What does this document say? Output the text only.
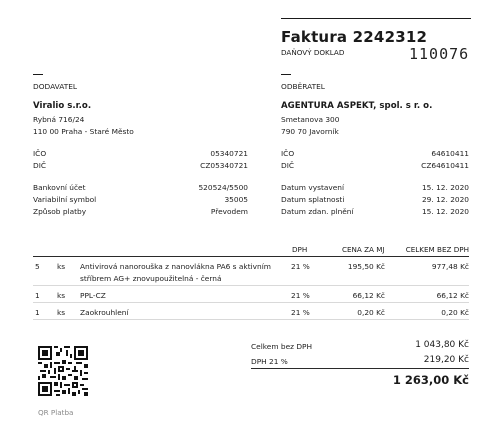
Faktura 2242312
DAŇOVÝ DOKLAD	110076
DODAVATEL	ODBĚRATEL
Viralio s.r.o.
Rybná 716/24
110 00 Praha - Staré Město
IČO	05340721
DIČ	CZ05340721
Bankovní účet	520524/5500
Variabilní symbol	35005
Způsob platby	Převodem
AGENTURA ASPEKT, spol. s r. o.
Smetanova 300
790 70 Javorník
IČO	64610411
DIČ	CZ64610411
Datum vystavení	15. 12. 2020
Datum splatnosti	29. 12. 2020
Datum zdan. plnění	15. 12. 2020
DPH	CENA ZA MJ	CELKEM BEZ DPH
5 ks Antivirová nanorouška z nanovlákna PA6 s aktivním
stříbrem AG+ znovupoužitelná - černá
21 %	195,50 Kč	977,48 Kč
1 ks PPL-CZ	21 %	66,12 Kč	66,12 Kč
1 ks Zaokrouhlení	21 %	0,20 Kč	0,20 Kč
Celkem bez DPH	1 043,80 Kč
DPH 21 %	219,20 Kč
1 263,00 Kč
QR Platba
